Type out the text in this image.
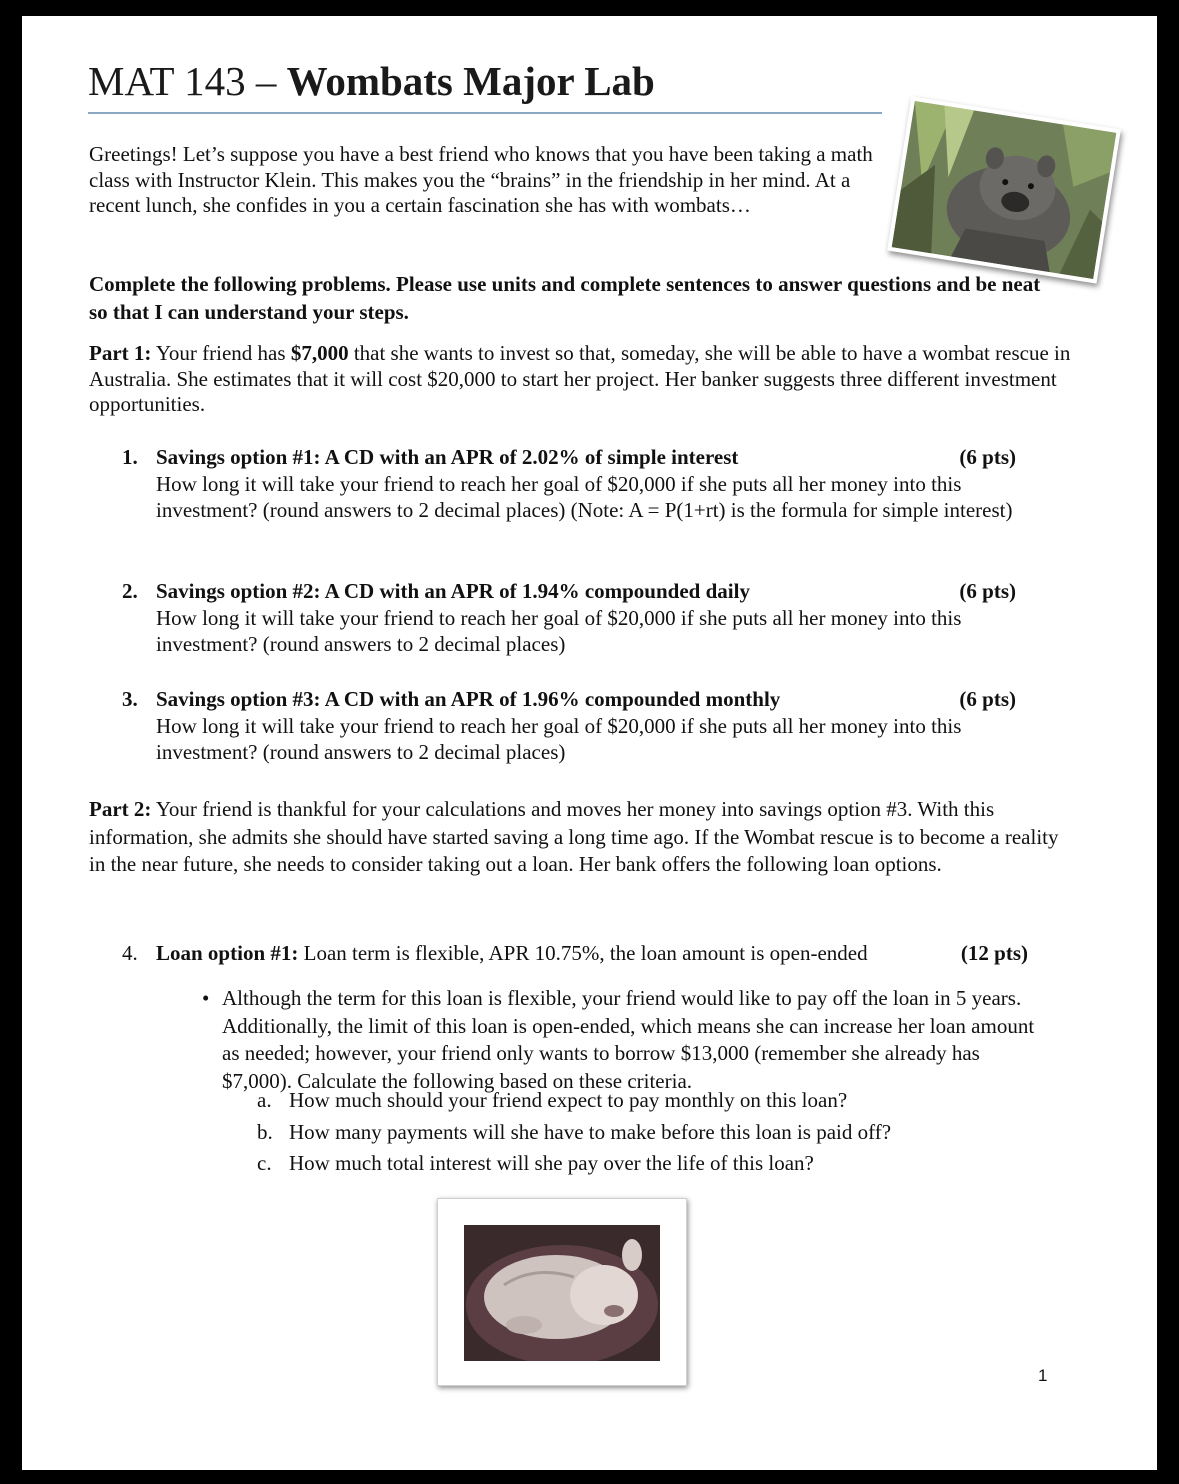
MAT 143 – Wombats Major Lab
Greetings! Let’s suppose you have a best friend who knows that you have been taking a math class with Instructor Klein. This makes you the “brains” in the friendship in her mind. At a recent lunch, she confides in you a certain fascination she has with wombats…
Complete the following problems. Please use units and complete sentences to answer questions and be neat so that I can understand your steps.
Part 1: Your friend has $7,000 that she wants to invest so that, someday, she will be able to have a wombat rescue in Australia. She estimates that it will cost $20,000 to start her project. Her banker suggests three different investment opportunities.
1. Savings option #1: A CD with an APR of 2.02% of simple interest	(6 pts)
How long it will take your friend to reach her goal of $20,000 if she puts all her money into this investment? (round answers to 2 decimal places) (Note: A = P(1+rt) is the formula for simple interest)
2. Savings option #2: A CD with an APR of 1.94% compounded daily	(6 pts)
How long it will take your friend to reach her goal of $20,000 if she puts all her money into this investment? (round answers to 2 decimal places)
3. Savings option #3: A CD with an APR of 1.96% compounded monthly	(6 pts)
How long it will take your friend to reach her goal of $20,000 if she puts all her money into this investment? (round answers to 2 decimal places)
Part 2: Your friend is thankful for your calculations and moves her money into savings option #3. With this information, she admits she should have started saving a long time ago. If the Wombat rescue is to become a reality in the near future, she needs to consider taking out a loan. Her bank offers the following loan options.
4. Loan option #1: Loan term is flexible, APR 10.75%, the loan amount is open-ended	(12 pts)
• Although the term for this loan is flexible, your friend would like to pay off the loan in 5 years. Additionally, the limit of this loan is open-ended, which means she can increase her loan amount as needed; however, your friend only wants to borrow $13,000 (remember she already has $7,000). Calculate the following based on these criteria.
a. How much should your friend expect to pay monthly on this loan?
b. How many payments will she have to make before this loan is paid off?
c. How much total interest will she pay over the life of this loan?
1
